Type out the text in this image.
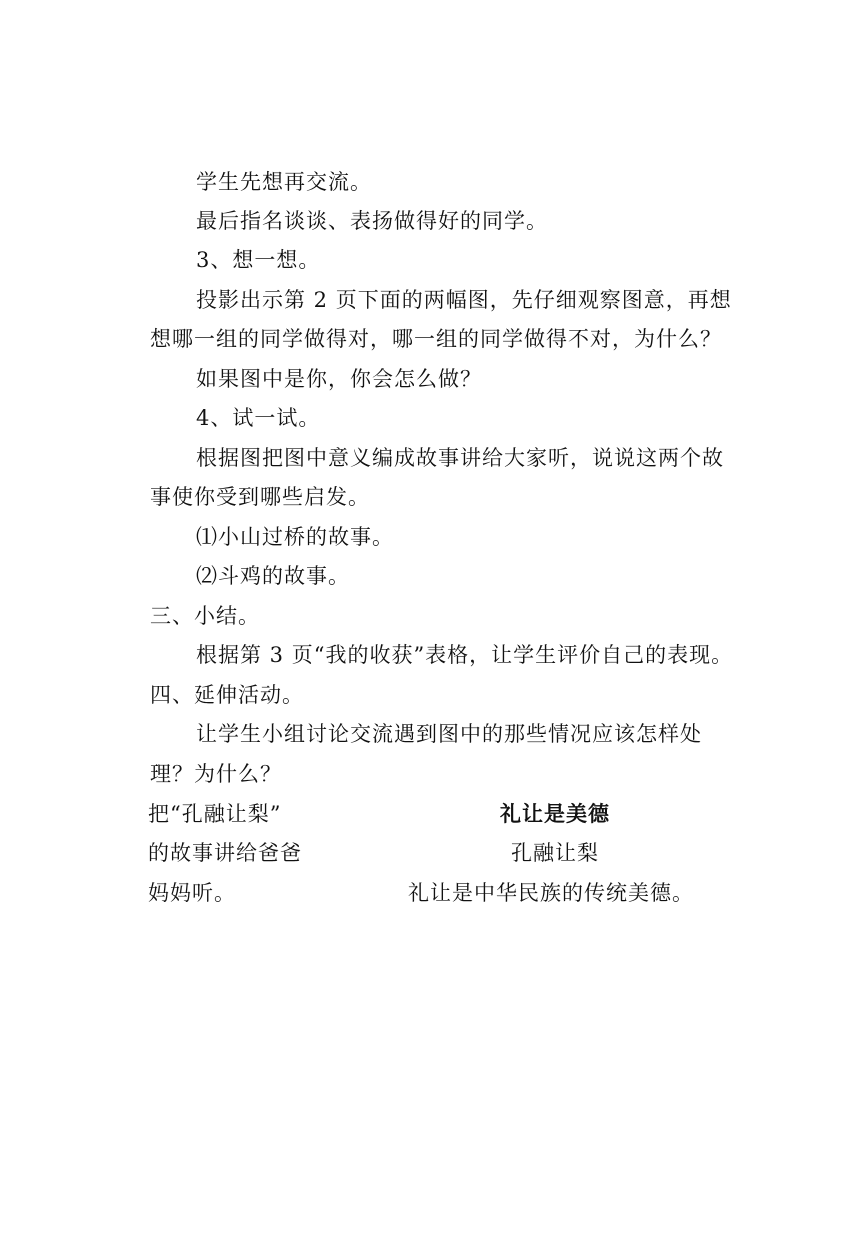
学生先想再交流。
最后指名谈谈、表扬做得好的同学。
3、想一想。
投影出示第 2 页下面的两幅图，先仔细观察图意，再想
想哪一组的同学做得对，哪一组的同学做得不对，为什么？
如果图中是你，你会怎么做？
4、试一试。
根据图把图中意义编成故事讲给大家听，说说这两个故
事使你受到哪些启发。
⑴小山过桥的故事。
⑵斗鸡的故事。
三、小结。
根据第 3 页“我的收获”表格，让学生评价自己的表现。
四、延伸活动。
让学生小组讨论交流遇到图中的那些情况应该怎样处
理？为什么？
把“孔融让梨”
的故事讲给爸爸
妈妈听。
礼让是美德
孔融让梨
礼让是中华民族的传统美德。
